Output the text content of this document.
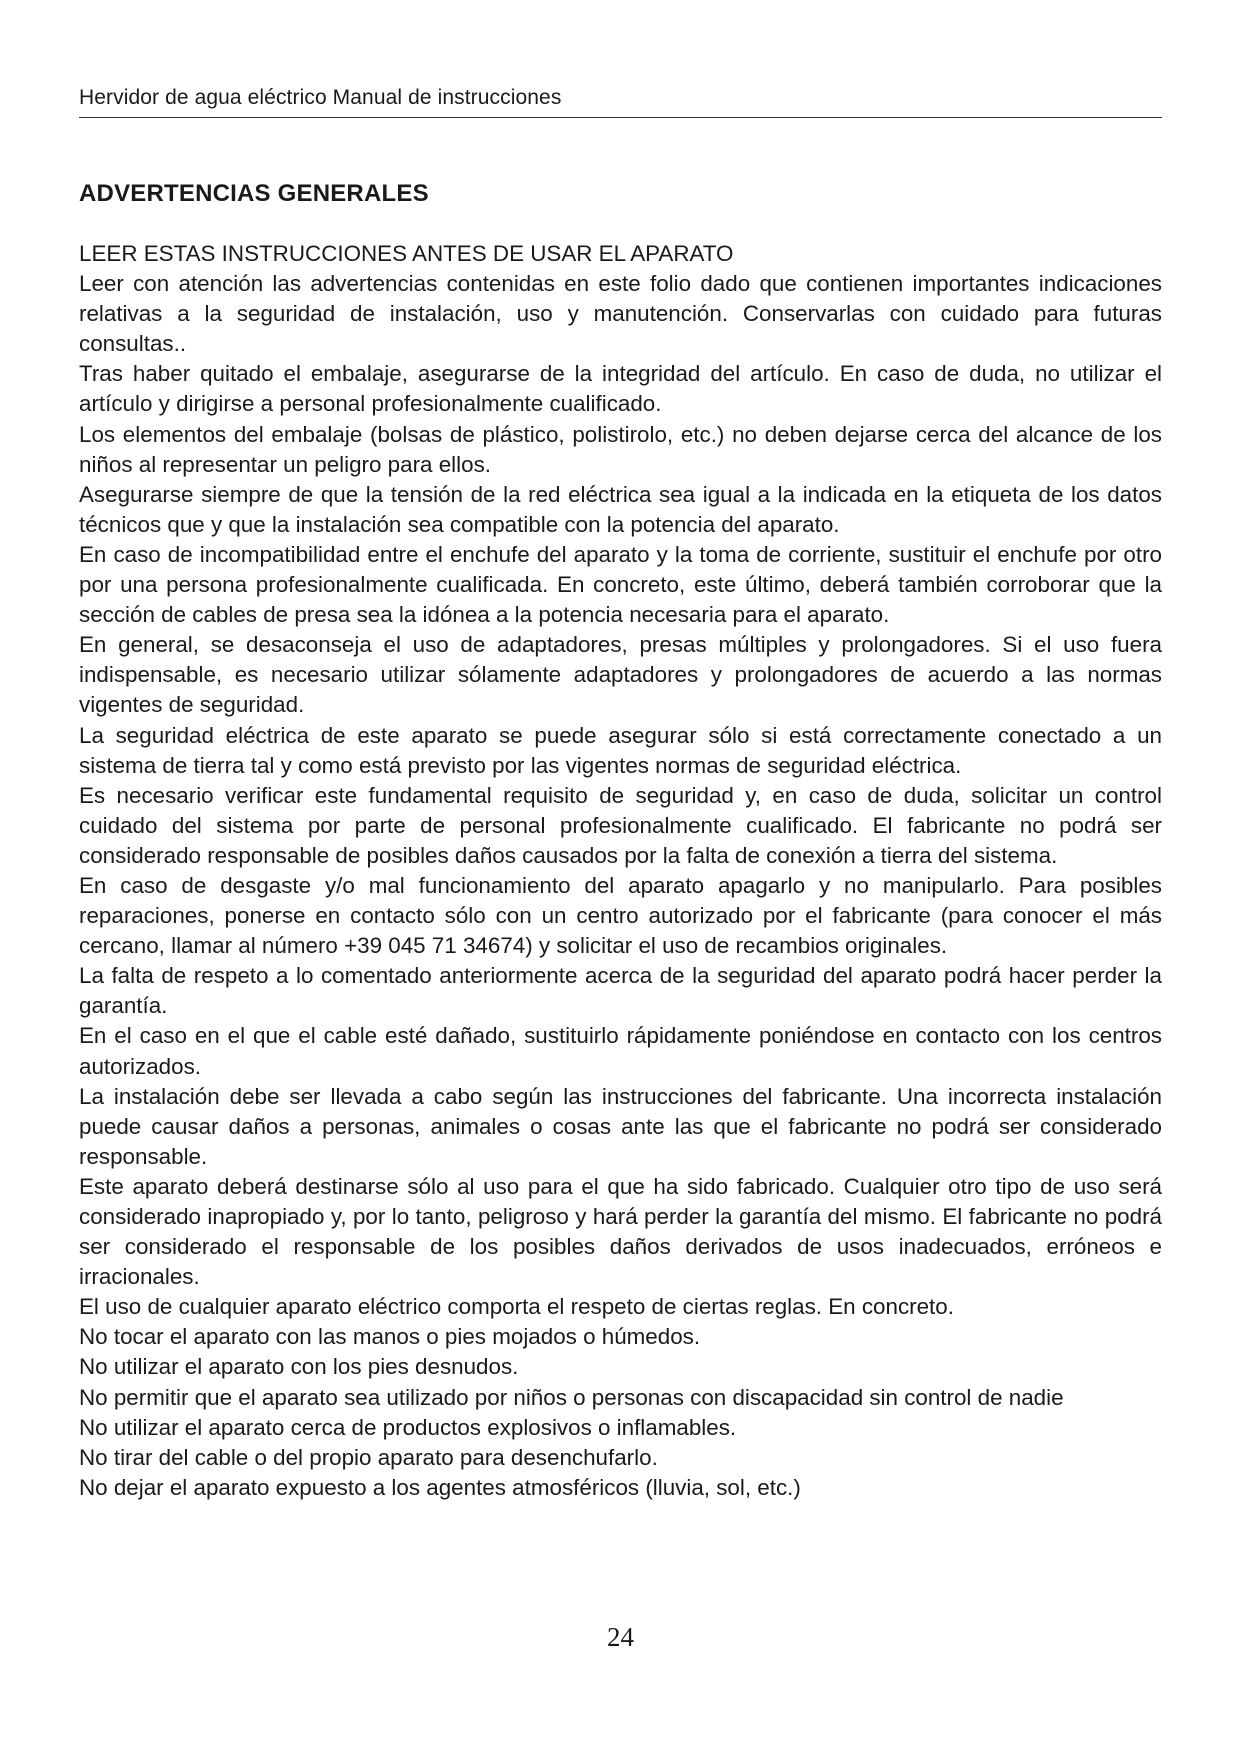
Hervidor de agua eléctrico Manual de instrucciones
ADVERTENCIAS GENERALES

LEER ESTAS INSTRUCCIONES ANTES DE USAR EL APARATO

Leer con atención las advertencias contenidas en este folio dado que contienen importantes indicaciones relativas a la seguridad de instalación, uso y manutención. Conservarlas con cuidado para futuras consultas..

Tras haber quitado el embalaje, asegurarse de la integridad del artículo. En caso de duda, no utilizar el artículo y dirigirse a personal profesionalmente cualificado.

Los elementos del embalaje (bolsas de plástico, polistirolo, etc.) no deben dejarse cerca del alcance de los niños al representar un peligro para ellos.

Asegurarse siempre de que la tensión de la red eléctrica sea igual a la indicada en la etiqueta de los datos técnicos que y que la instalación sea compatible con la potencia del aparato.

En caso de incompatibilidad entre el enchufe del aparato y la toma de corriente, sustituir el enchufe por otro por una persona profesionalmente cualificada. En concreto, este último, deberá también corroborar que la sección de cables de presa sea la idónea a la potencia necesaria para el aparato.

En general, se desaconseja el uso de adaptadores, presas múltiples y prolongadores. Si el uso fuera indispensable, es necesario utilizar sólamente adaptadores y prolongadores de acuerdo a las normas vigentes de seguridad.

La seguridad eléctrica de este aparato se puede asegurar sólo si está correctamente conectado a un sistema de tierra tal y como está previsto por las vigentes normas de seguridad eléctrica.

Es necesario verificar este fundamental requisito de seguridad y, en caso de duda, solicitar un control cuidado del sistema por parte de personal profesionalmente cualificado. El fabricante no podrá ser considerado responsable de posibles daños causados por la falta de conexión a tierra del sistema.

En caso de desgaste y/o mal funcionamiento del aparato apagarlo y no manipularlo. Para posibles reparaciones, ponerse en contacto sólo con un centro autorizado por el fabricante (para conocer el más cercano, llamar al número +39 045 71 34674) y solicitar el uso de recambios originales.

La falta de respeto a lo comentado anteriormente acerca de la seguridad del aparato podrá hacer perder la garantía.

En el caso en el que el cable esté dañado, sustituirlo rápidamente poniéndose en contacto con los centros autorizados.

La instalación debe ser llevada a cabo según las instrucciones del fabricante. Una incorrecta instalación puede causar daños a personas, animales o cosas ante las que el fabricante no podrá ser considerado responsable.

Este aparato deberá destinarse sólo al uso para el que ha sido fabricado. Cualquier otro tipo de uso será considerado inapropiado y, por lo tanto, peligroso y hará perder la garantía del mismo. El fabricante no podrá ser considerado el responsable de los posibles daños derivados de usos inadecuados, erróneos e irracionales.

El uso de cualquier aparato eléctrico comporta el respeto de ciertas reglas. En concreto.

No tocar el aparato con las manos o pies mojados o húmedos.

No utilizar el aparato con los pies desnudos.

No permitir que el aparato sea utilizado por niños o personas con discapacidad sin control de nadie

No utilizar el aparato cerca de productos explosivos o inflamables.

No tirar del cable o del propio aparato para desenchufarlo.

No dejar el aparato expuesto a los agentes atmosféricos (lluvia, sol, etc.)

24
